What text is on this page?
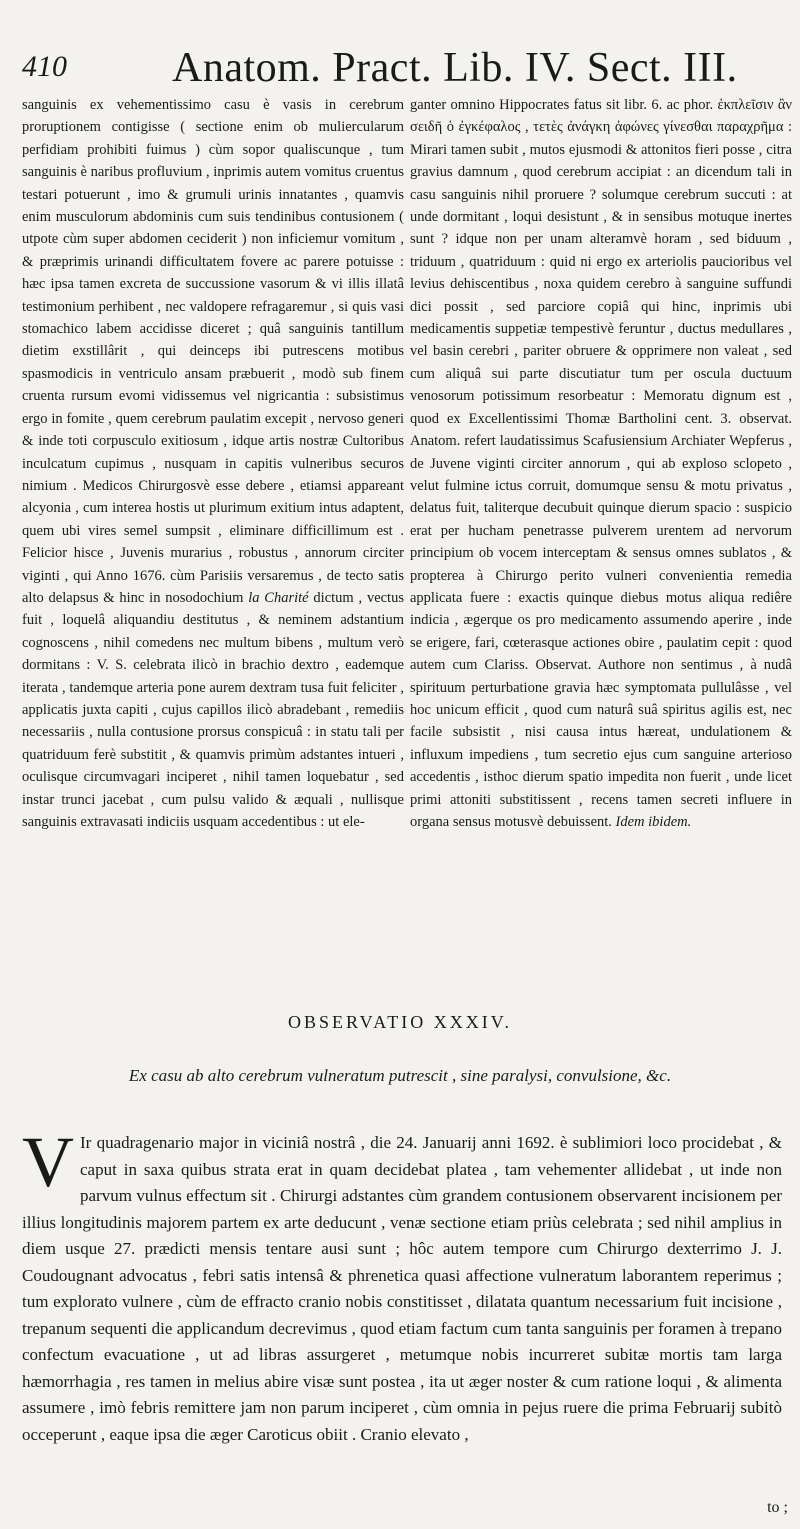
410	Anatom. Pract. Lib. IV. Sect. III.

sanguinis ex vehementissimo casu è vasis in cerebrum proruptionem contigisse ( sectione enim ob muliercularum perfidiam prohibiti fuimus ) cùm sopor qualiscunque , tum sanguinis è naribus profluvium , inprimis autem vomitus cruentus testari potuerunt , imo & grumuli urinis innatantes , quamvis enim musculorum abdominis cum suis tendinibus contusionem ( utpote cùm super abdomen ceciderit ) non inficiemur vomitum , & præprimis urinandi difficultatem fovere ac parere potuisse : hæc ipsa tamen excreta de succussione vasorum & vi illis illatâ testimonium perhibent , nec valdopere refragaremur , si quis vasi stomachico labem accidisse diceret ; quâ sanguinis tantillum dietim exstillârit , qui deinceps ibi putrescens motibus spasmodicis in ventriculo ansam præbuerit , modò sub finem cruenta rursum evomi vidissemus vel nigricantia : subsistimus ergo in fomite , quem cerebrum paulatim excepit , nervoso generi & inde toti corpusculo exitiosum , idque artis nostræ Cultoribus inculcatum cupimus , nusquam in capitis vulneribus securos nimium . Medicos Chirurgosvè esse debere , etiamsi appareant alcyonia , cum interea hostis ut plurimum exitium intus adaptent, quem ubi vires semel sumpsit , eliminare difficillimum est . Felicior hisce , Juvenis murarius , robustus , annorum circiter viginti , qui Anno 1676. cùm Parisiis versaremus , de tecto satis alto delapsus & hinc in nosodochium la Charité dictum , vectus fuit , loquelâ aliquandiu destitutus , & neminem adstantium cognoscens , nihil comedens nec multum bibens , multum verò dormitans : V. S. celebrata ilicò in brachio dextro , eademque iterata , tandemque arteria pone aurem dextram tusa fuit feliciter , applicatis juxta capiti , cujus capillos ilicò abradebant , remediis necessariis , nulla contusione prorsus conspicuâ : in statu tali per quatriduum ferè substitit , & quamvis primùm adstantes intueri , oculisque circumvagari inciperet , nihil tamen loquebatur , sed instar trunci jacebat , cum pulsu valido & æquali , nullisque sanguinis extravasati indiciis usquam accedentibus : ut ele-

ganter omnino Hippocrates fatus sit libr. 6. ac phor. ἐκπλεῖσιν ἂν σειδῆ ὁ ἐγκέφαλος , τετὲς ἀνάγκη ἀφώνες γίνεσθαι παραχρῆμα : Mirari tamen subit , mutos ejusmodi & attonitos fieri posse , citra gravius damnum , quod cerebrum accipiat : an dicendum tali in casu sanguinis nihil proruere ? solumque cerebrum succuti : at unde dormitant , loqui desistunt , & in sensibus motuque inertes sunt ? idque non per unam alteramvè horam , sed biduum , triduum , quatriduum : quid ni ergo ex arteriolis paucioribus vel levius dehiscentibus , noxa quidem cerebro à sanguine suffundi dici possit , sed parciore copiâ qui hinc, inprimis ubi medicamentis suppetiæ tempestivè feruntur , ductus medullares , vel basin cerebri , pariter obruere & opprimere non valeat , sed cum aliquâ sui parte discutiatur tum per oscula ductuum venosorum potissimum resorbeatur : Memoratu dignum est , quod ex Excellentissimi Thomæ Bartholini cent. 3. observat. Anatom. refert laudatissimus Scafusiensium Archiater Wepferus , de Juvene viginti circiter annorum , qui ab exploso sclopeto , velut fulmine ictus corruit, domumque sensu & motu privatus , delatus fuit, taliterque decubuit quinque dierum spacio : suspicio erat per hucham penetrasse pulverem urentem ad nervorum principium ob vocem interceptam & sensus omnes sublatos , & propterea à Chirurgo perito vulneri convenientia remedia applicata fuere : exactis quinque diebus motus aliqua rediêre indicia , ægerque os pro medicamento assumendo aperire , inde se erigere, fari, cœterasque actiones obire , paulatim cepit : quod autem cum Clariss. Observat. Authore non sentimus , à nudâ spirituum perturbatione gravia hæc symptomata pullulâsse , vel hoc unicum efficit , quod cum naturâ suâ spiritus agilis est, nec facile subsistit , nisi causa intus hæreat, undulationem & influxum impediens , tum secretio ejus cum sanguine arterioso accedentis , isthoc dierum spatio impedita non fuerit , unde licet primi attoniti substitissent , recens tamen secreti influere in organa sensus motusvè debuissent. Idem ibidem.

OBSERVATIO XXXIV.
Ex casu ab alto cerebrum vulneratum putrescit , sine paralysi, convulsione, &c.
V Ir quadragenario major in viciniâ nostrâ , die 24. Januarij anni 1692. è sublimiori loco procidebat , & caput in saxa quibus strata erat in quam decidebat platea , tam vehementer allidebat , ut inde non parvum vulnus effectum sit . Chirurgi adstantes cùm grandem contusionem observarent incisionem per illius longitudinis majorem partem ex arte deducunt , venæ sectione etiam priùs celebrata ; sed nihil amplius in diem usque 27. prædicti mensis tentare ausi sunt ; hôc autem tempore cum Chirurgo dexterrimo J. J. Coudougnant advocatus , febri satis intensâ & phrenetica quasi affectione vulneratum laborantem reperimus ; tum explorato vulnere , cùm de effracto cranio nobis constitisset , dilatata quantum necessarium fuit incisione , trepanum sequenti die applicandum decrevimus , quod etiam factum cum tanta sanguinis per foramen à trepano confectum evacuatione , ut ad libras assurgeret , metumque nobis incurreret subitæ mortis tam larga hæmorrhagia , res tamen in melius abire visæ sunt postea , ita ut æger noster & cum ratione loqui , & alimenta assumere , imò febris remittere jam non parum inciperet , cùm omnia in pejus ruere die prima Februarij subitò occeperunt , eaque ipsa die æger Caroticus obiit . Cranio elevato ,
to ;
